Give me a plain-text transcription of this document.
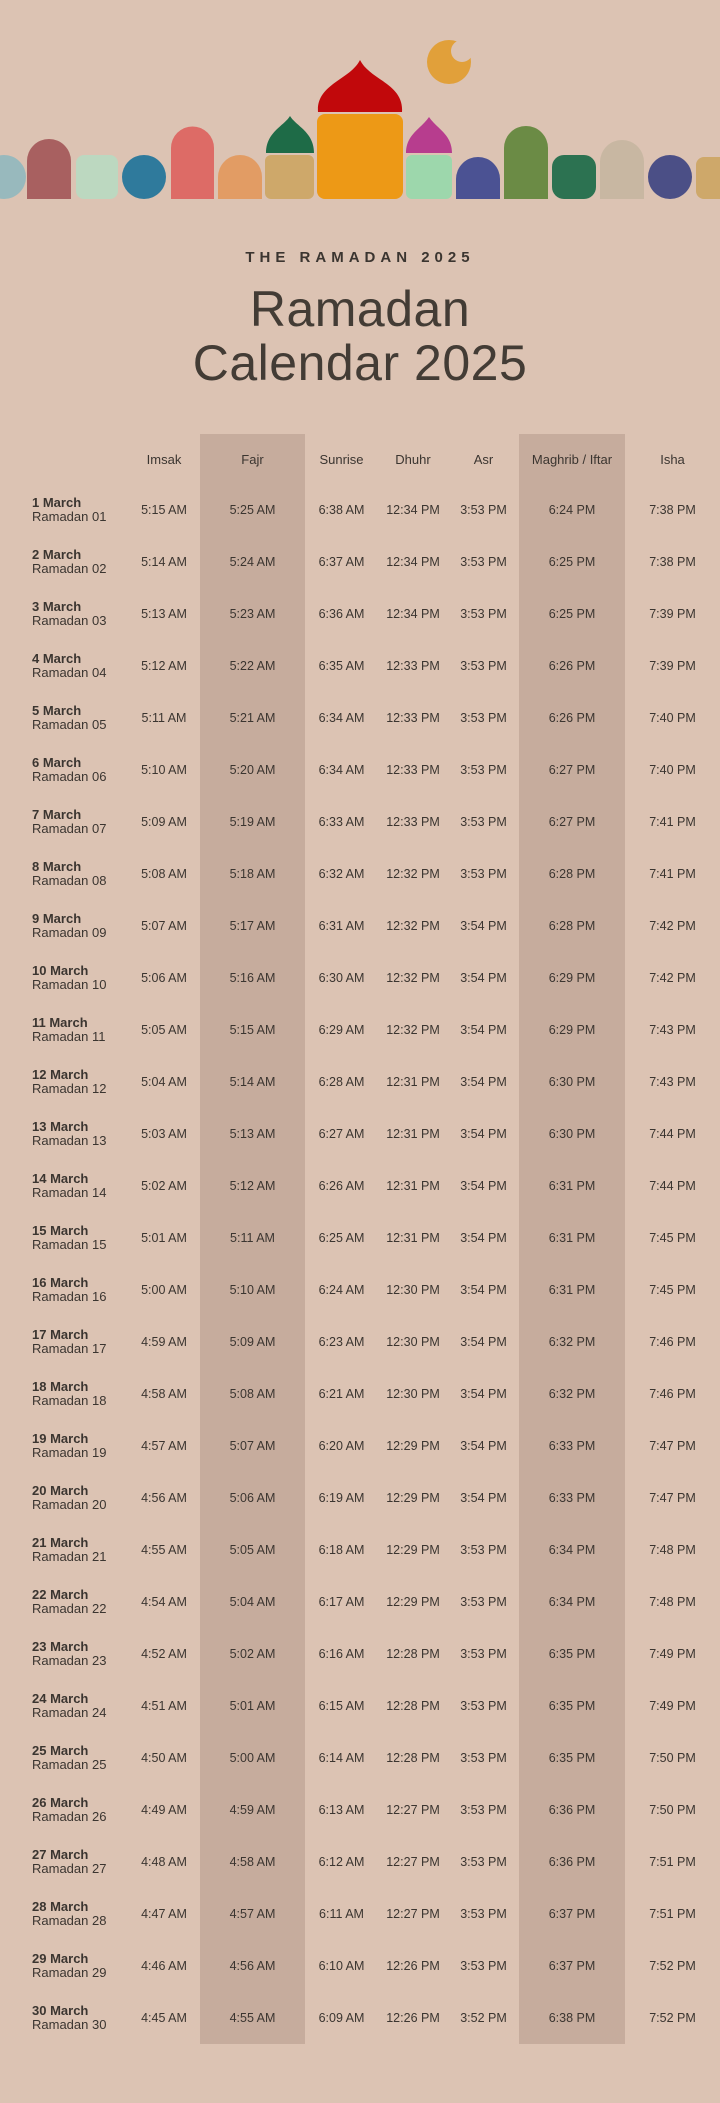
THE RAMADAN 2025
Ramadan
Calendar 2025
	Imsak	Fajr	Sunrise	Dhuhr	Asr	Maghrib / Iftar	Isha

1 March
Ramadan 01	5:15 AM	5:25 AM	6:38 AM	12:34 PM	3:53 PM	6:24 PM	7:38 PM

2 March
Ramadan 02	5:14 AM	5:24 AM	6:37 AM	12:34 PM	3:53 PM	6:25 PM	7:38 PM

3 March
Ramadan 03	5:13 AM	5:23 AM	6:36 AM	12:34 PM	3:53 PM	6:25 PM	7:39 PM

4 March
Ramadan 04	5:12 AM	5:22 AM	6:35 AM	12:33 PM	3:53 PM	6:26 PM	7:39 PM

5 March
Ramadan 05	5:11 AM	5:21 AM	6:34 AM	12:33 PM	3:53 PM	6:26 PM	7:40 PM

6 March
Ramadan 06	5:10 AM	5:20 AM	6:34 AM	12:33 PM	3:53 PM	6:27 PM	7:40 PM

7 March
Ramadan 07	5:09 AM	5:19 AM	6:33 AM	12:33 PM	3:53 PM	6:27 PM	7:41 PM

8 March
Ramadan 08	5:08 AM	5:18 AM	6:32 AM	12:32 PM	3:53 PM	6:28 PM	7:41 PM

9 March
Ramadan 09	5:07 AM	5:17 AM	6:31 AM	12:32 PM	3:54 PM	6:28 PM	7:42 PM

10 March
Ramadan 10	5:06 AM	5:16 AM	6:30 AM	12:32 PM	3:54 PM	6:29 PM	7:42 PM

11 March
Ramadan 11	5:05 AM	5:15 AM	6:29 AM	12:32 PM	3:54 PM	6:29 PM	7:43 PM

12 March
Ramadan 12	5:04 AM	5:14 AM	6:28 AM	12:31 PM	3:54 PM	6:30 PM	7:43 PM

13 March
Ramadan 13	5:03 AM	5:13 AM	6:27 AM	12:31 PM	3:54 PM	6:30 PM	7:44 PM

14 March
Ramadan 14	5:02 AM	5:12 AM	6:26 AM	12:31 PM	3:54 PM	6:31 PM	7:44 PM

15 March
Ramadan 15	5:01 AM	5:11 AM	6:25 AM	12:31 PM	3:54 PM	6:31 PM	7:45 PM

16 March
Ramadan 16	5:00 AM	5:10 AM	6:24 AM	12:30 PM	3:54 PM	6:31 PM	7:45 PM

17 March
Ramadan 17	4:59 AM	5:09 AM	6:23 AM	12:30 PM	3:54 PM	6:32 PM	7:46 PM

18 March
Ramadan 18	4:58 AM	5:08 AM	6:21 AM	12:30 PM	3:54 PM	6:32 PM	7:46 PM

19 March
Ramadan 19	4:57 AM	5:07 AM	6:20 AM	12:29 PM	3:54 PM	6:33 PM	7:47 PM

20 March
Ramadan 20	4:56 AM	5:06 AM	6:19 AM	12:29 PM	3:54 PM	6:33 PM	7:47 PM

21 March
Ramadan 21	4:55 AM	5:05 AM	6:18 AM	12:29 PM	3:53 PM	6:34 PM	7:48 PM

22 March
Ramadan 22	4:54 AM	5:04 AM	6:17 AM	12:29 PM	3:53 PM	6:34 PM	7:48 PM

23 March
Ramadan 23	4:52 AM	5:02 AM	6:16 AM	12:28 PM	3:53 PM	6:35 PM	7:49 PM

24 March
Ramadan 24	4:51 AM	5:01 AM	6:15 AM	12:28 PM	3:53 PM	6:35 PM	7:49 PM

25 March
Ramadan 25	4:50 AM	5:00 AM	6:14 AM	12:28 PM	3:53 PM	6:35 PM	7:50 PM

26 March
Ramadan 26	4:49 AM	4:59 AM	6:13 AM	12:27 PM	3:53 PM	6:36 PM	7:50 PM

27 March
Ramadan 27	4:48 AM	4:58 AM	6:12 AM	12:27 PM	3:53 PM	6:36 PM	7:51 PM

28 March
Ramadan 28	4:47 AM	4:57 AM	6:11 AM	12:27 PM	3:53 PM	6:37 PM	7:51 PM

29 March
Ramadan 29	4:46 AM	4:56 AM	6:10 AM	12:26 PM	3:53 PM	6:37 PM	7:52 PM

30 March
Ramadan 30	4:45 AM	4:55 AM	6:09 AM	12:26 PM	3:52 PM	6:38 PM	7:52 PM
